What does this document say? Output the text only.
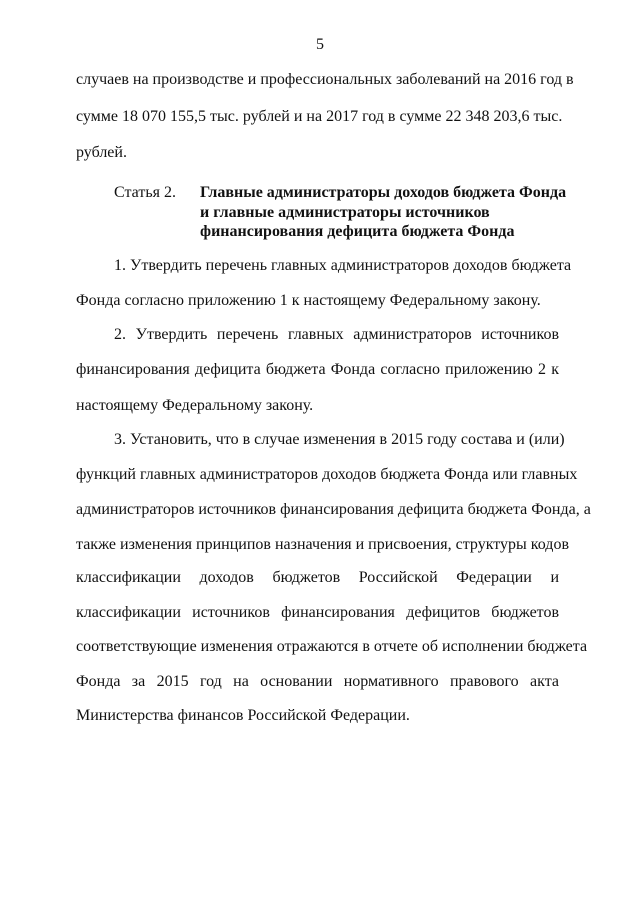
5
случаев на производстве и профессиональных заболеваний на 2016 год в
сумме 18 070 155,5 тыс. рублей и на 2017 год в сумме 22 348 203,6 тыс.
рублей.
Статья 2. Главные администраторы доходов бюджета Фонда
и главные администраторы источников
финансирования дефицита бюджета Фонда
1. Утвердить перечень главных администраторов доходов бюджета
Фонда согласно приложению 1 к настоящему Федеральному закону.
2. Утвердить перечень главных администраторов источников
финансирования дефицита бюджета Фонда согласно приложению 2 к
настоящему Федеральному закону.
3. Установить, что в случае изменения в 2015 году состава и (или)
функций главных администраторов доходов бюджета Фонда или главных
администраторов источников финансирования дефицита бюджета Фонда, а
также изменения принципов назначения и присвоения, структуры кодов
классификации доходов бюджетов Российской Федерации и
классификации источников финансирования дефицитов бюджетов
соответствующие изменения отражаются в отчете об исполнении бюджета
Фонда за 2015 год на основании нормативного правового акта
Министерства финансов Российской Федерации.
